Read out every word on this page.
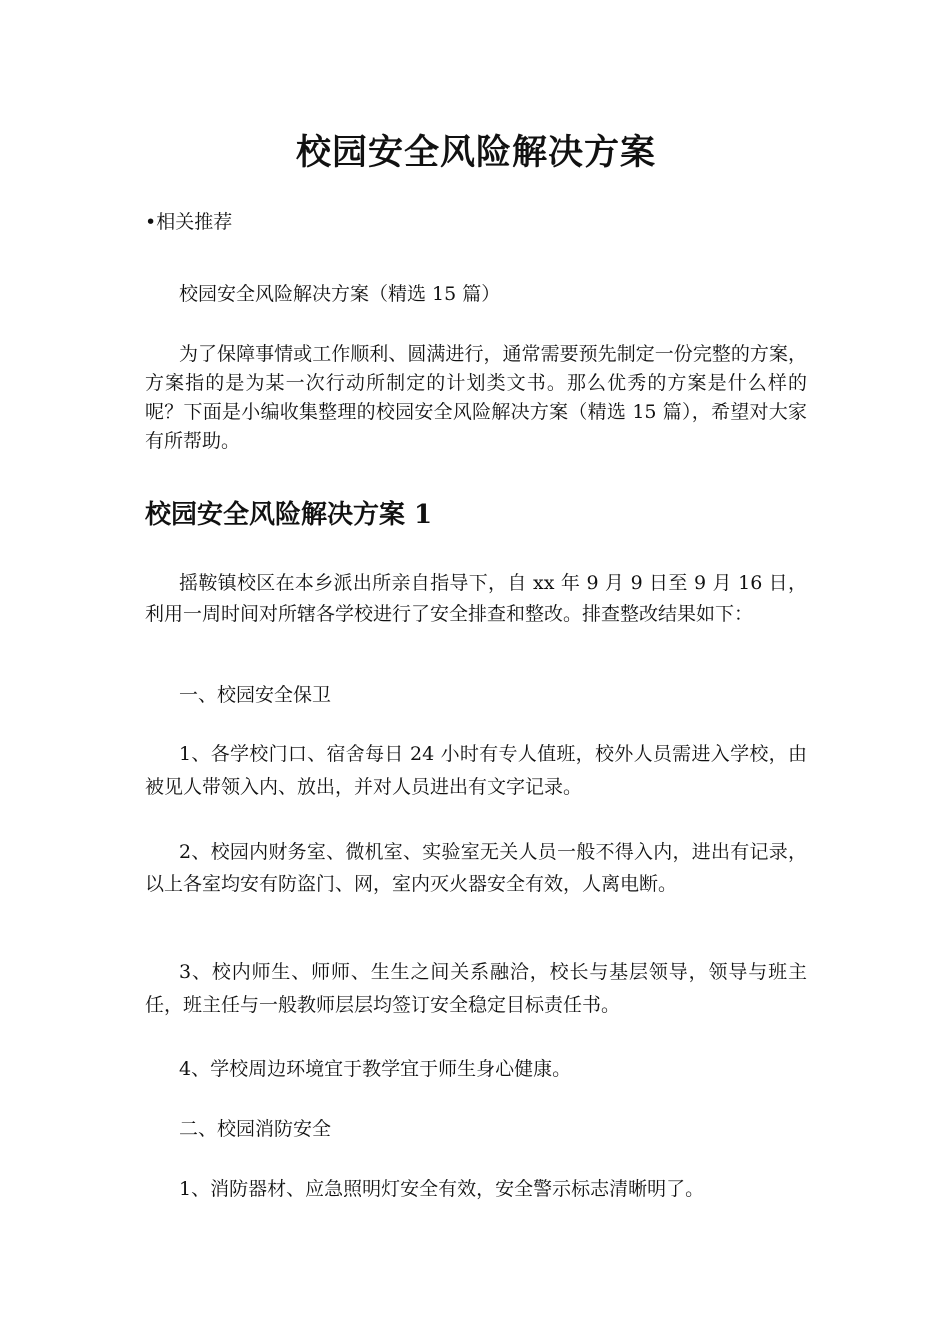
校园安全风险解决方案

•相关推荐

校园安全风险解决方案（精选 15 篇）

为了保障事情或工作顺利、圆满进行，通常需要预先制定一份完整的方案，方案指的是为某一次行动所制定的计划类文书。那么优秀的方案是什么样的呢？下面是小编收集整理的校园安全风险解决方案（精选 15 篇），希望对大家有所帮助。

校园安全风险解决方案 1

摇鞍镇校区在本乡派出所亲自指导下，自 xx 年 9 月 9 日至 9 月 16 日，利用一周时间对所辖各学校进行了安全排查和整改。排查整改结果如下：

一、校园安全保卫

1、各学校门口、宿舍每日 24 小时有专人值班，校外人员需进入学校，由被见人带领入内、放出，并对人员进出有文字记录。

2、校园内财务室、微机室、实验室无关人员一般不得入内，进出有记录，以上各室均安有防盗门、网，室内灭火器安全有效，人离电断。

3、校内师生、师师、生生之间关系融洽，校长与基层领导，领导与班主任，班主任与一般教师层层均签订安全稳定目标责任书。

4、学校周边环境宜于教学宜于师生身心健康。

二、校园消防安全

1、消防器材、应急照明灯安全有效，安全警示标志清晰明了。
